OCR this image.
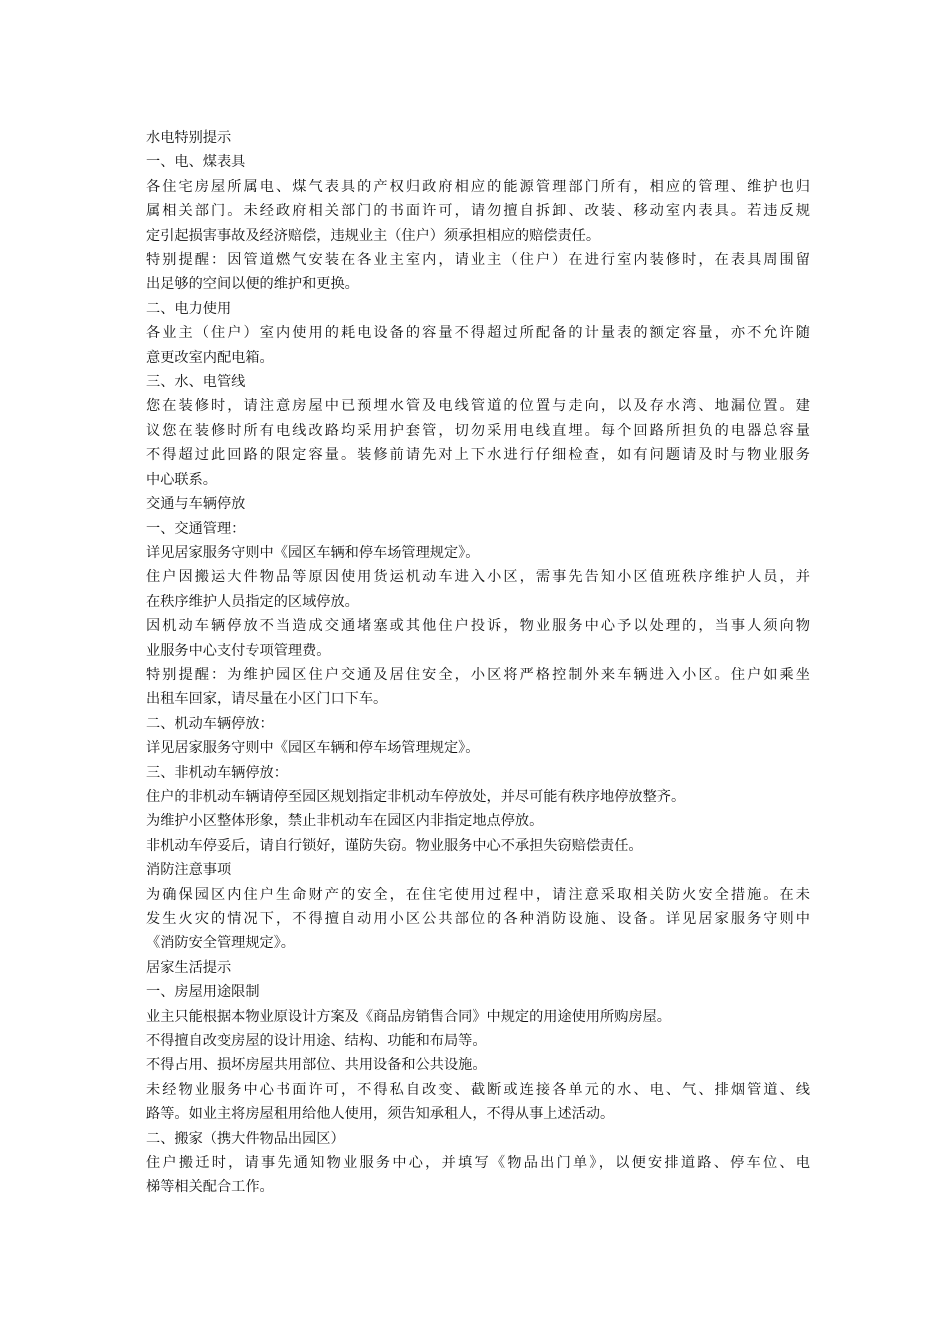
水电特别提示
一、电、煤表具
各住宅房屋所属电、煤气表具的产权归政府相应的能源管理部门所有，相应的管理、维护也归
属相关部门。未经政府相关部门的书面许可，请勿擅自拆卸、改装、移动室内表具。若违反规
定引起损害事故及经济赔偿，违规业主（住户）须承担相应的赔偿责任。
特别提醒：因管道燃气安装在各业主室内，请业主（住户）在进行室内装修时，在表具周围留
出足够的空间以便的维护和更换。
二、电力使用
各业主（住户）室内使用的耗电设备的容量不得超过所配备的计量表的额定容量，亦不允许随
意更改室内配电箱。
三、水、电管线
您在装修时，请注意房屋中已预埋水管及电线管道的位置与走向，以及存水湾、地漏位置。建
议您在装修时所有电线改路均采用护套管，切勿采用电线直埋。每个回路所担负的电器总容量
不得超过此回路的限定容量。装修前请先对上下水进行仔细检查，如有问题请及时与物业服务
中心联系。
交通与车辆停放
一、交通管理：
详见居家服务守则中《园区车辆和停车场管理规定》。
住户因搬运大件物品等原因使用货运机动车进入小区，需事先告知小区值班秩序维护人员，并
在秩序维护人员指定的区域停放。
因机动车辆停放不当造成交通堵塞或其他住户投诉，物业服务中心予以处理的，当事人须向物
业服务中心支付专项管理费。
特别提醒：为维护园区住户交通及居住安全，小区将严格控制外来车辆进入小区。住户如乘坐
出租车回家，请尽量在小区门口下车。
二、机动车辆停放：
详见居家服务守则中《园区车辆和停车场管理规定》。
三、非机动车辆停放：
住户的非机动车辆请停至园区规划指定非机动车停放处，并尽可能有秩序地停放整齐。
为维护小区整体形象，禁止非机动车在园区内非指定地点停放。
非机动车停妥后，请自行锁好，谨防失窃。物业服务中心不承担失窃赔偿责任。
消防注意事项
为确保园区内住户生命财产的安全，在住宅使用过程中，请注意采取相关防火安全措施。在未
发生火灾的情况下，不得擅自动用小区公共部位的各种消防设施、设备。详见居家服务守则中
《消防安全管理规定》。
居家生活提示
一、房屋用途限制
业主只能根据本物业原设计方案及《商品房销售合同》中规定的用途使用所购房屋。
不得擅自改变房屋的设计用途、结构、功能和布局等。
不得占用、损坏房屋共用部位、共用设备和公共设施。
未经物业服务中心书面许可，不得私自改变、截断或连接各单元的水、电、气、排烟管道、线
路等。如业主将房屋租用给他人使用，须告知承租人，不得从事上述活动。
二、搬家（携大件物品出园区）
住户搬迁时，请事先通知物业服务中心，并填写《物品出门单》，以便安排道路、停车位、电
梯等相关配合工作。
